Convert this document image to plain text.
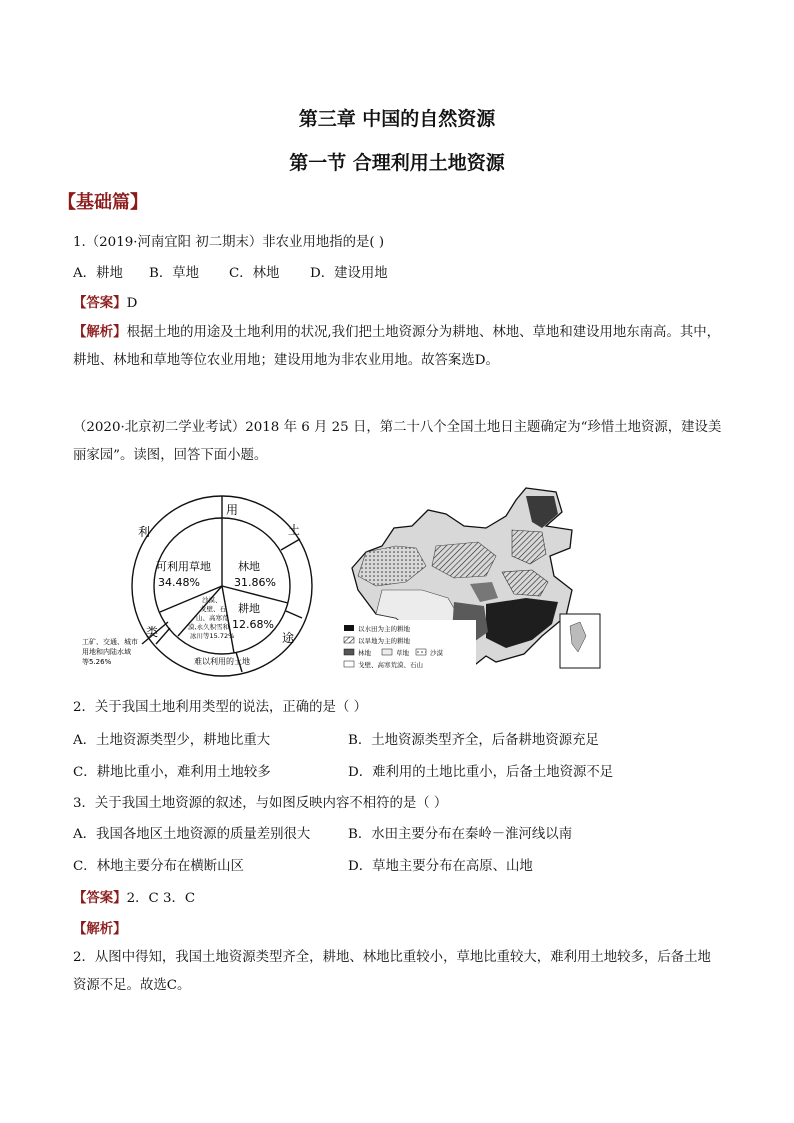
第三章 中国的自然资源
第一节 合理利用土地资源
【基础篇】
1.（2019·河南宜阳 初二期末）非农业用地指的是( )
A．耕地 B．草地 C．林地 D．建设用地
【答案】D
【解析】根据土地的用途及土地利用的状况,我们把土地资源分为耕地、林地、草地和建设用地东南高。其中，耕地、林地和草地等位农业用地；建设用地为非农业用地。故答案选D。
（2020·北京初二学业考试）2018 年 6 月 25 日，第二十八个全国土地日主题确定为“珍惜土地资源，建设美丽家园”。读图，回答下面小题。
用
土
途
类
利
可利用草地
34.48%
林地
31.86%
耕地
12.68%
沙漠、
戈壁、石
山、高寒荒
漠,永久积雪和
冰川等15.72%
难以利用的土地
工矿、交通、城市
用地和内陆水域
等5.26%
以水田为主的耕地
以旱地为主的耕地
林地	草地	沙漠
戈壁、高寒荒漠、石山
2．关于我国土地利用类型的说法，正确的是（ ）
A．土地资源类型少，耕地比重大	B．土地资源类型齐全，后备耕地资源充足
C．耕地比重小，难利用土地较多	D．难利用的土地比重小，后备土地资源不足
3．关于我国土地资源的叙述，与如图反映内容不相符的是（ ）
A．我国各地区土地资源的质量差别很大	B．水田主要分布在秦岭－淮河线以南
C．林地主要分布在横断山区	D．草地主要分布在高原、山地
【答案】2．C 3．C
【解析】
2．从图中得知，我国土地资源类型齐全，耕地、林地比重较小，草地比重较大，难利用土地较多，后备土地资源不足。故选C。
